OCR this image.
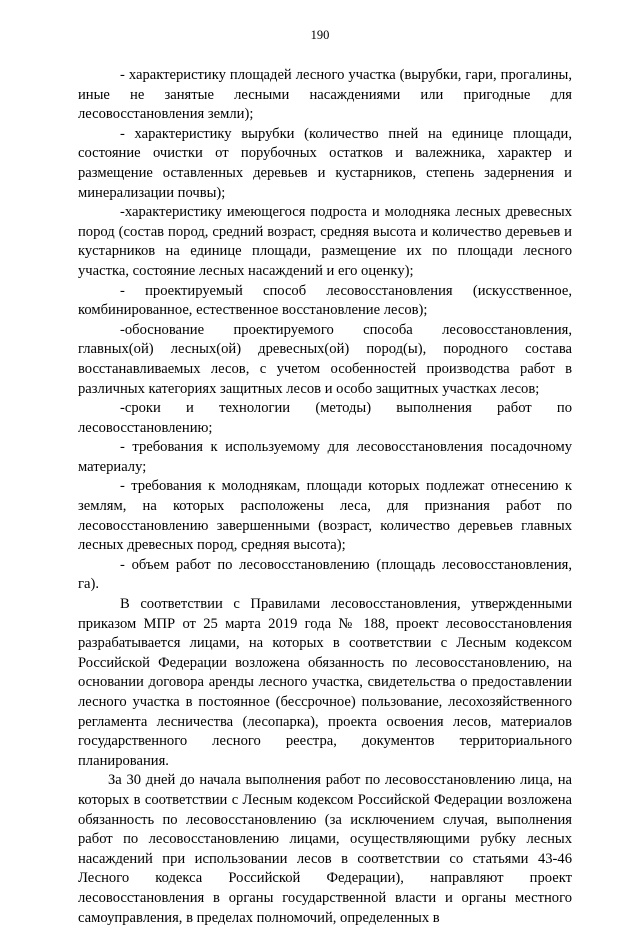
190

- характеристику площадей лесного участка (вырубки, гари, прогалины, иные не занятые лесными насаждениями или пригодные для лесовосстановления земли);

- характеристику вырубки (количество пней на единице площади, состояние очистки от порубочных остатков и валежника, характер и размещение оставленных деревьев и кустарников, степень задернения и минерализации почвы);

-характеристику имеющегося подроста и молодняка лесных древесных пород (состав пород, средний возраст, средняя высота и количество деревьев и кустарников на единице площади, размещение их по площади лесного участка, состояние лесных насаждений и его оценку);

- проектируемый способ лесовосстановления (искусственное, комбинированное, естественное восстановление лесов);

-обоснование проектируемого способа лесовосстановления, главных(ой) лесных(ой) древесных(ой) пород(ы), породного состава восстанавливаемых лесов, с учетом особенностей производства работ в различных категориях защитных лесов и особо защитных участках лесов;

-сроки и технологии (методы) выполнения работ по лесовосстановлению;

- требования к используемому для лесовосстановления посадочному материалу;

- требования к молоднякам, площади которых подлежат отнесению к землям, на которых расположены леса, для признания работ по лесовосстановлению завершенными (возраст, количество деревьев главных лесных древесных пород, средняя высота);

- объем работ по лесовосстановлению (площадь лесовосстановления, га).

В соответствии с Правилами лесовосстановления, утвержденными приказом МПР от 25 марта 2019 года № 188, проект лесовосстановления разрабатывается лицами, на которых в соответствии с Лесным кодексом Российской Федерации возложена обязанность по лесовосстановлению, на основании договора аренды лесного участка, свидетельства о предоставлении лесного участка в постоянное (бессрочное) пользование, лесохозяйственного регламента лесничества (лесопарка), проекта освоения лесов, материалов государственного лесного реестра, документов территориального планирования.

За 30 дней до начала выполнения работ по лесовосстановлению лица, на которых в соответствии с Лесным кодексом Российской Федерации возложена обязанность по лесовосстановлению (за исключением случая, выполнения работ по лесовосстановлению лицами, осуществляющими рубку лесных насаждений при использовании лесов в соответствии со статьями 43-46 Лесного кодекса Российской Федерации), направляют проект лесовосстановления в органы государственной власти и органы местного самоуправления, в пределах полномочий, определенных в
